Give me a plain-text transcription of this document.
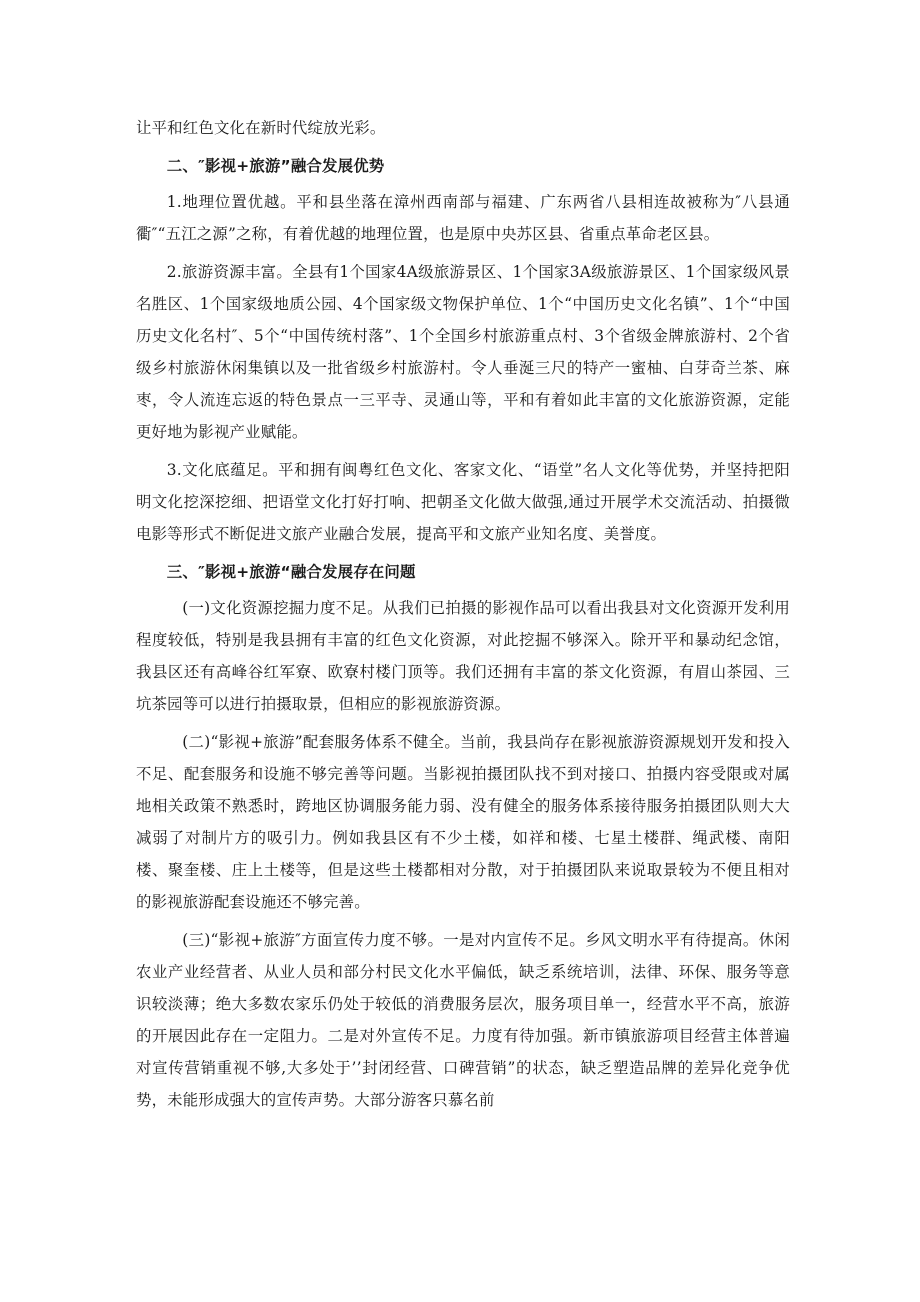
让平和红色文化在新时代绽放光彩。

二、″影视+旅游”融合发展优势

1.地理位置优越。平和县坐落在漳州西南部与福建、广东两省八县相连故被称为″八县通衢″“五江之源”之称，有着优越的地理位置，也是原中央苏区县、省重点革命老区县。

2.旅游资源丰富。全县有1个国家4A级旅游景区、1个国家3A级旅游景区、1个国家级风景名胜区、1个国家级地质公园、4个国家级文物保护单位、1个“中国历史文化名镇”、1个“中国历史文化名村″、5个“中国传统村落”、1个全国乡村旅游重点村、3个省级金牌旅游村、2个省级乡村旅游休闲集镇以及一批省级乡村旅游村。令人垂涎三尺的特产一蜜柚、白芽奇兰茶、麻枣，令人流连忘返的特色景点一三平寺、灵通山等，平和有着如此丰富的文化旅游资源，定能更好地为影视产业赋能。

3.文化底蕴足。平和拥有闽粤红色文化、客家文化、“语堂”名人文化等优势，并坚持把阳明文化挖深挖细、把语堂文化打好打响、把朝圣文化做大做强,通过开展学术交流活动、拍摄微电影等形式不断促进文旅产业融合发展，提高平和文旅产业知名度、美誉度。

三、″影视+旅游“融合发展存在问题

(一)文化资源挖掘力度不足。从我们已拍摄的影视作品可以看出我县对文化资源开发利用程度较低，特别是我县拥有丰富的红色文化资源，对此挖掘不够深入。除开平和暴动纪念馆，我县区还有高峰谷红军寮、欧寮村楼门顶等。我们还拥有丰富的茶文化资源，有眉山茶园、三坑茶园等可以进行拍摄取景，但相应的影视旅游资源。

(二)“影视+旅游”配套服务体系不健全。当前，我县尚存在影视旅游资源规划开发和投入不足、配套服务和设施不够完善等问题。当影视拍摄团队找不到对接口、拍摄内容受限或对属地相关政策不熟悉时，跨地区协调服务能力弱、没有健全的服务体系接待服务拍摄团队则大大减弱了对制片方的吸引力。例如我县区有不少土楼，如祥和楼、七星土楼群、绳武楼、南阳楼、聚奎楼、庄上土楼等，但是这些土楼都相对分散，对于拍摄团队来说取景较为不便且相对的影视旅游配套设施还不够完善。

(三)“影视+旅游″方面宣传力度不够。一是对内宣传不足。乡风文明水平有待提高。休闲农业产业经营者、从业人员和部分村民文化水平偏低，缺乏系统培训，法律、环保、服务等意识较淡薄；绝大多数农家乐仍处于较低的消费服务层次，服务项目单一，经营水平不高，旅游的开展因此存在一定阻力。二是对外宣传不足。力度有待加强。新市镇旅游项目经营主体普遍对宣传营销重视不够,大多处于’’封闭经营、口碑营销”的状态，缺乏塑造品牌的差异化竞争优势，未能形成强大的宣传声势。大部分游客只慕名前
